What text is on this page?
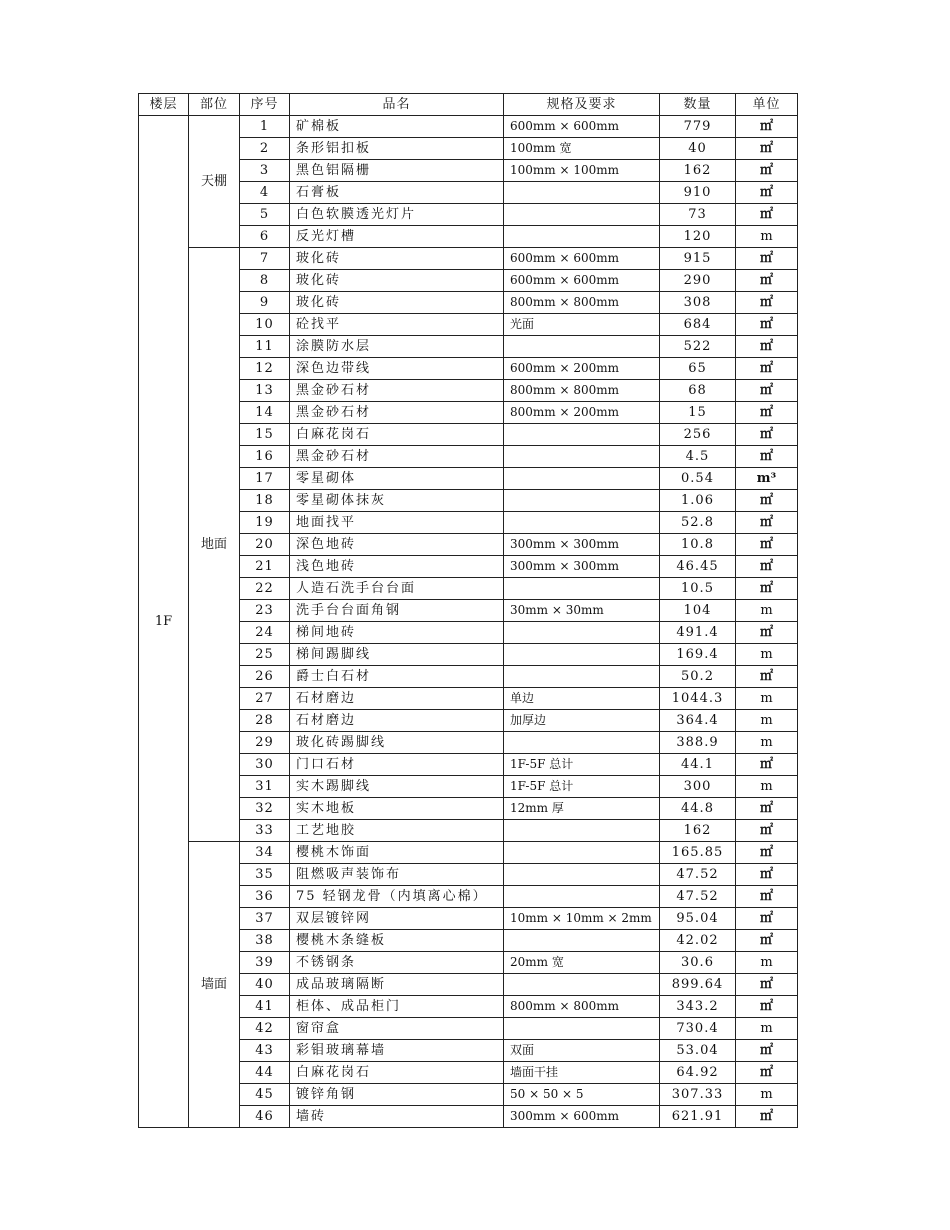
楼层	部位	序号	品名	规格及要求	数量	单位
1F	天棚	1	矿棉板	600mm × 600mm	779	㎡
		2	条形铝扣板	100mm 宽	40	㎡
		3	黑色铝隔栅	100mm × 100mm	162	㎡
		4	石膏板		910	㎡
		5	白色软膜透光灯片		73	㎡
		6	反光灯槽		120	m
	地面	7	玻化砖	600mm × 600mm	915	㎡
		8	玻化砖	600mm × 600mm	290	㎡
		9	玻化砖	800mm × 800mm	308	㎡
		10	砼找平	光面	684	㎡
		11	涂膜防水层		522	㎡
		12	深色边带线	600mm × 200mm	65	㎡
		13	黑金砂石材	800mm × 800mm	68	㎡
		14	黑金砂石材	800mm × 200mm	15	㎡
		15	白麻花岗石		256	㎡
		16	黑金砂石材		4.5	㎡
		17	零星砌体		0.54	m³
		18	零星砌体抹灰		1.06	㎡
		19	地面找平		52.8	㎡
		20	深色地砖	300mm × 300mm	10.8	㎡
		21	浅色地砖	300mm × 300mm	46.45	㎡
		22	人造石洗手台台面		10.5	㎡
		23	洗手台台面角钢	30mm × 30mm	104	m
		24	梯间地砖		491.4	㎡
		25	梯间踢脚线		169.4	m
		26	爵士白石材		50.2	㎡
		27	石材磨边	单边	1044.3	m
		28	石材磨边	加厚边	364.4	m
		29	玻化砖踢脚线		388.9	m
		30	门口石材	1F-5F 总计	44.1	㎡
		31	实木踢脚线	1F-5F 总计	300	m
		32	实木地板	12mm 厚	44.8	㎡
		33	工艺地胶		162	㎡
	墙面	34	樱桃木饰面		165.85	㎡
		35	阻燃吸声装饰布		47.52	㎡
		36	75 轻钢龙骨（内填离心棉）		47.52	㎡
		37	双层镀锌网	10mm × 10mm × 2mm	95.04	㎡
		38	樱桃木条缝板		42.02	㎡
		39	不锈钢条	20mm 宽	30.6	m
		40	成品玻璃隔断		899.64	㎡
		41	柜体、成品柜门	800mm × 800mm	343.2	㎡
		42	窗帘盒		730.4	m
		43	彩钼玻璃幕墙	双面	53.04	㎡
		44	白麻花岗石	墙面干挂	64.92	㎡
		45	镀锌角钢	50 × 50 × 5	307.33	m
		46	墙砖	300mm × 600mm	621.91	㎡
